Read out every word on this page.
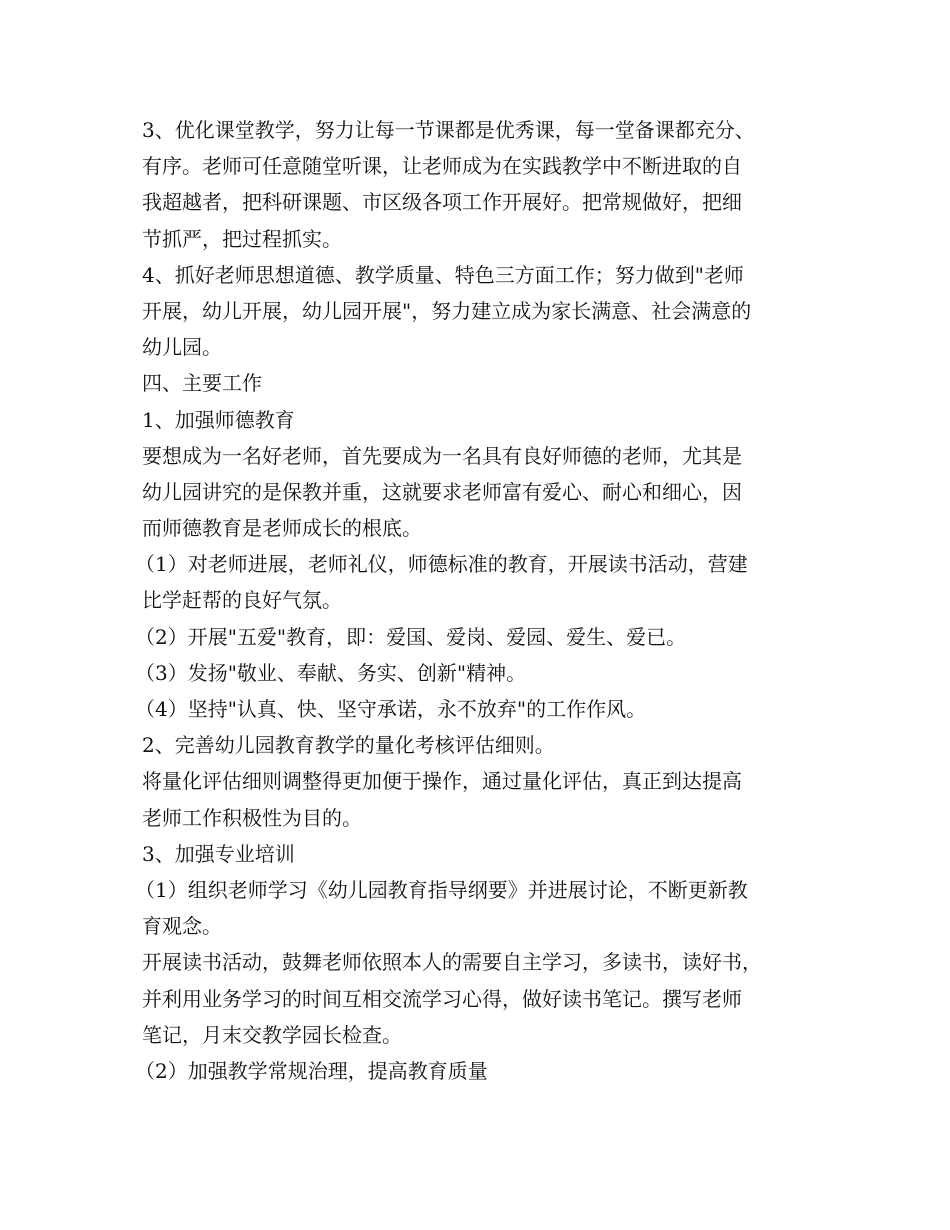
3、优化课堂教学，努力让每一节课都是优秀课，每一堂备课都充分、

有序。老师可任意随堂听课，让老师成为在实践教学中不断进取的自

我超越者，把科研课题、市区级各项工作开展好。把常规做好，把细

节抓严，把过程抓实。

4、抓好老师思想道德、教学质量、特色三方面工作；努力做到"老师

开展，幼儿开展，幼儿园开展"，努力建立成为家长满意、社会满意的

幼儿园。

四、主要工作

1、加强师德教育

要想成为一名好老师，首先要成为一名具有良好师德的老师，尤其是

幼儿园讲究的是保教并重，这就要求老师富有爱心、耐心和细心，因

而师德教育是老师成长的根底。

（1）对老师进展，老师礼仪，师德标准的教育，开展读书活动，营建

比学赶帮的良好气氛。

（2）开展"五爱"教育，即：爱国、爱岗、爱园、爱生、爱已。

（3）发扬"敬业、奉献、务实、创新"精神。

（4）坚持"认真、快、坚守承诺，永不放弃"的工作作风。

2、完善幼儿园教育教学的量化考核评估细则。

将量化评估细则调整得更加便于操作，通过量化评估，真正到达提高

老师工作积极性为目的。

3、加强专业培训

（1）组织老师学习《幼儿园教育指导纲要》并进展讨论，不断更新教

育观念。

开展读书活动，鼓舞老师依照本人的需要自主学习，多读书，读好书，

并利用业务学习的时间互相交流学习心得，做好读书笔记。撰写老师

笔记，月末交教学园长检查。

（2）加强教学常规治理，提高教育质量
